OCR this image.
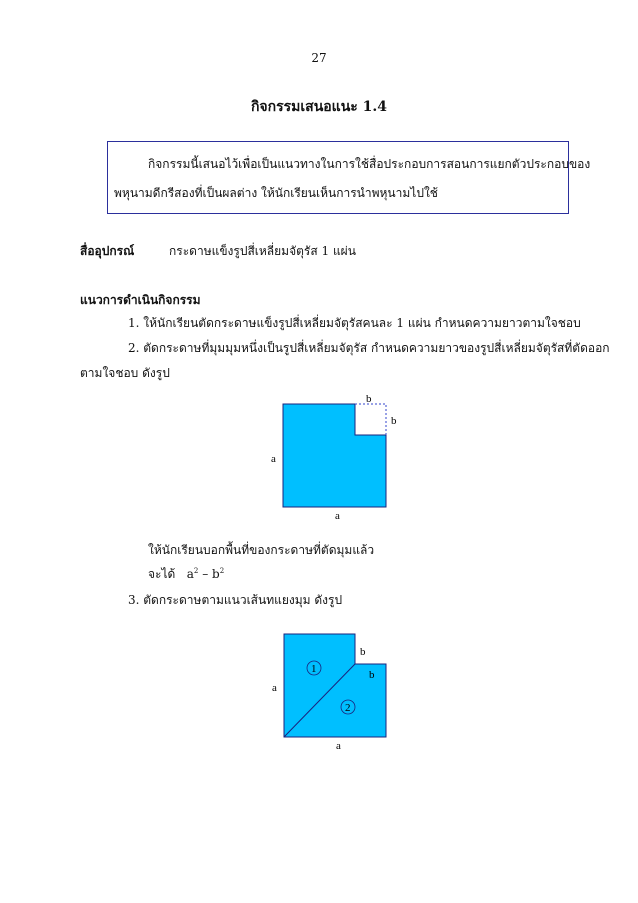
27
กิจกรรมเสนอแนะ 1.4
กิจกรรมนี้เสนอไว้เพื่อเป็นแนวทางในการใช้สื่อประกอบการสอนการแยกตัวประกอบของ
พหุนามดีกรีสองที่เป็นผลต่าง ให้นักเรียนเห็นการนำพหุนามไปใช้
สื่ออุปกรณ์	กระดาษแข็งรูปสี่เหลี่ยมจัตุรัส 1 แผ่น
แนวการดำเนินกิจกรรม
1. ให้นักเรียนตัดกระดาษแข็งรูปสี่เหลี่ยมจัตุรัสคนละ 1 แผ่น กำหนดความยาวตามใจชอบ
2. ตัดกระดาษที่มุมมุมหนึ่งเป็นรูปสี่เหลี่ยมจัตุรัส กำหนดความยาวของรูปสี่เหลี่ยมจัตุรัสที่ตัดออก
ตามใจชอบ ดังรูป
b
b
a
a
ให้นักเรียนบอกพื้นที่ของกระดาษที่ตัดมุมแล้ว
จะได้ $a^2 - b^2$
3. ตัดกระดาษตามแนวเส้นทแยงมุม ดังรูป
1
2
b
b
a
a
